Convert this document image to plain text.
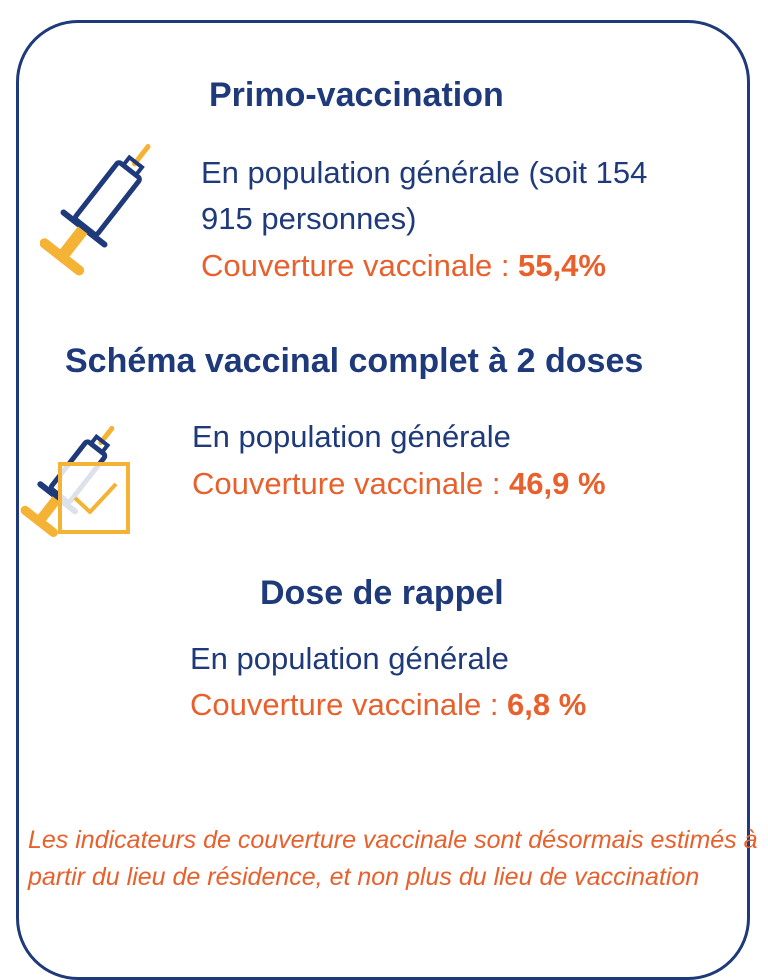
Primo-vaccination
En population générale (soit 154
915 personnes)
Couverture vaccinale : 55,4%
Schéma vaccinal complet à 2 doses
En population générale
Couverture vaccinale : 46,9 %
Dose de rappel
En population générale
Couverture vaccinale : 6,8 %
Les indicateurs de couverture vaccinale sont désormais estimés à partir du lieu de résidence, et non plus du lieu de vaccination
